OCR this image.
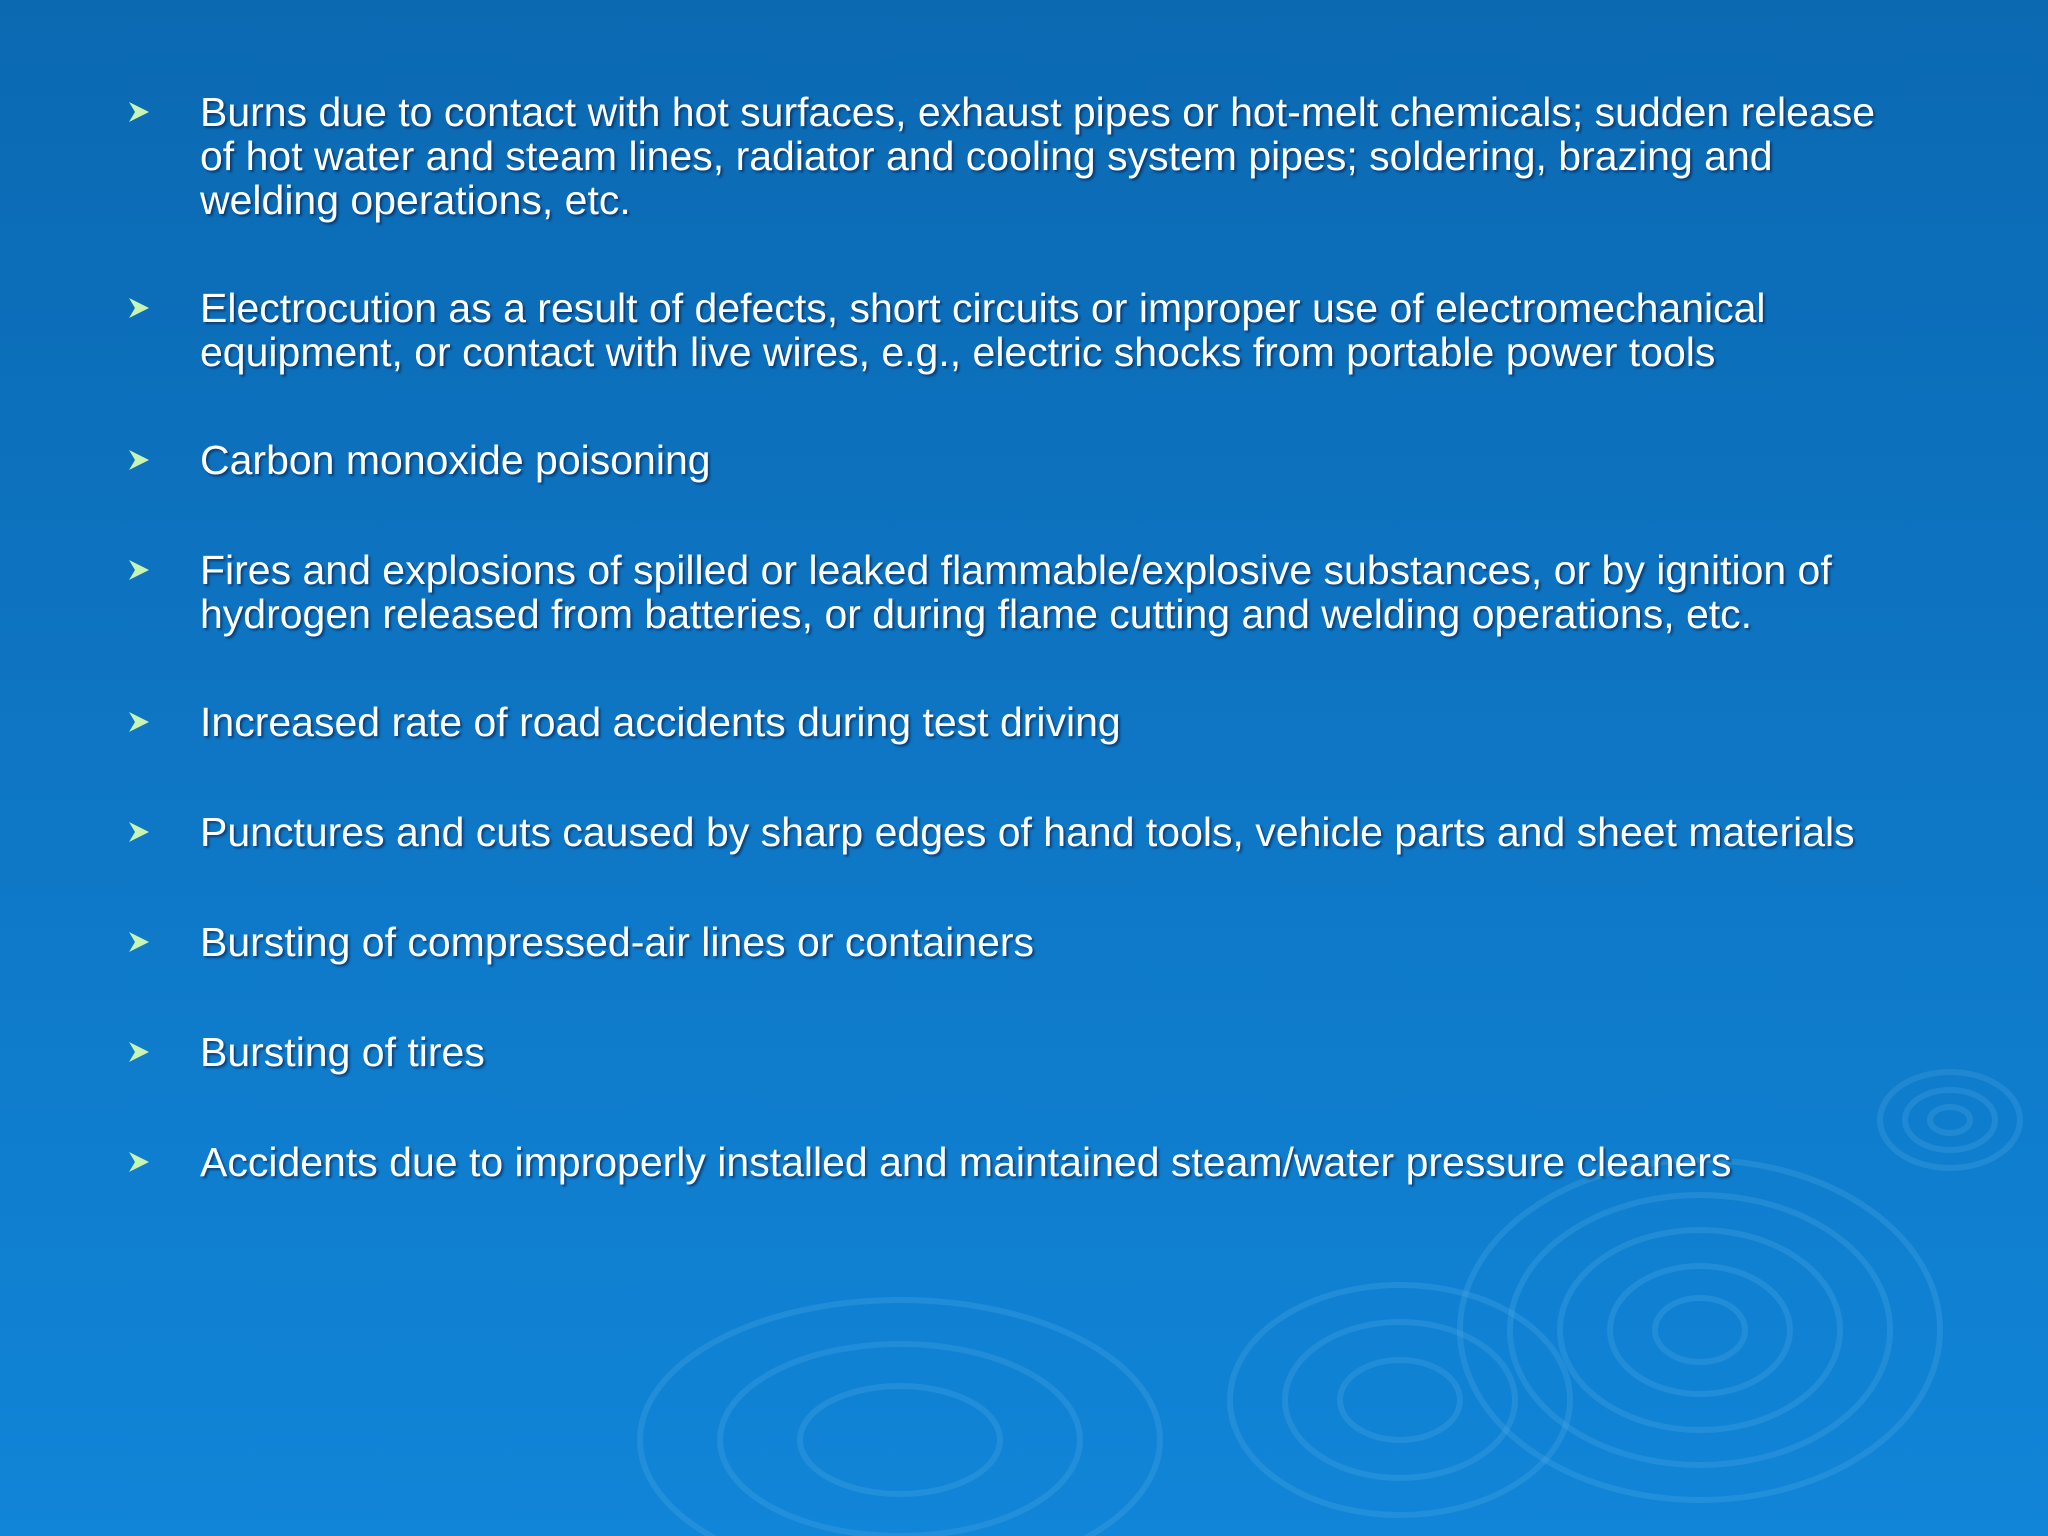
Burns due to contact with hot surfaces, exhaust pipes or hot-melt chemicals; sudden release of hot water and steam lines, radiator and cooling system pipes; soldering, brazing and welding operations, etc.
Electrocution as a result of defects, short circuits or improper use of electromechanical equipment, or contact with live wires, e.g., electric shocks from portable power tools
Carbon monoxide poisoning
Fires and explosions of spilled or leaked flammable/explosive substances, or by ignition of hydrogen released from batteries, or during flame cutting and welding operations, etc.
Increased rate of road accidents during test driving
Punctures and cuts caused by sharp edges of hand tools, vehicle parts and sheet materials
Bursting of compressed-air lines or containers
Bursting of tires
Accidents due to improperly installed and maintained steam/water pressure cleaners
